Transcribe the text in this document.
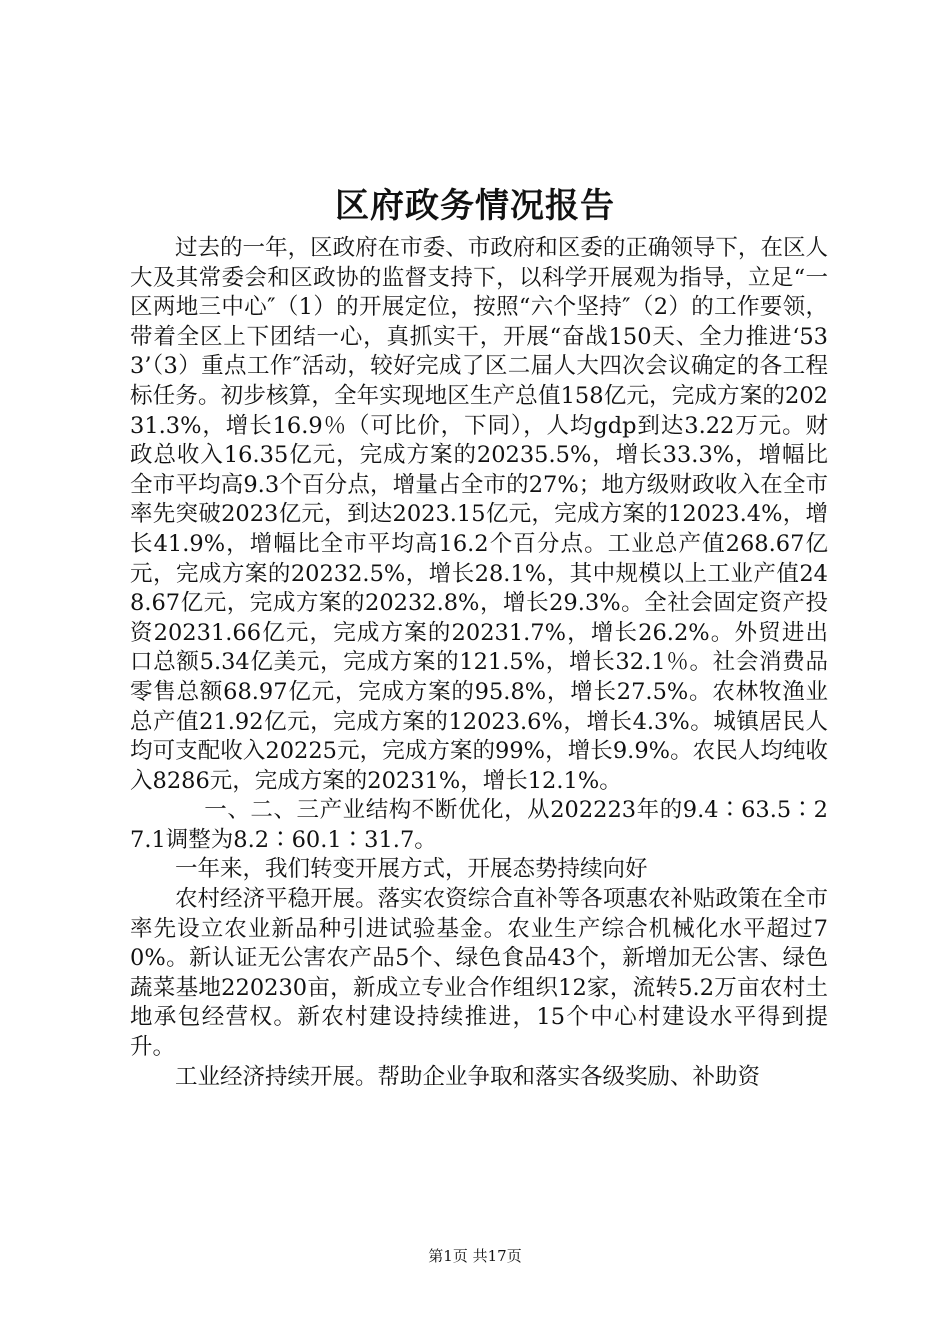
区府政务情况报告

过去的一年，区政府在市委、市政府和区委的正确领导下，在区人大及其常委会和区政协的监督支持下，以科学开展观为指导，立足“一区两地三中心″（1）的开展定位，按照“六个坚持″（2）的工作要领，带着全区上下团结一心，真抓实干，开展“奋战150天、全力推进‘533’（3）重点工作″活动，较好完成了区二届人大四次会议确定的各工程标任务。初步核算，全年实现地区生产总值158亿元，完成方案的20231.3%，增长16.9％（可比价，下同），人均gdp到达3.22万元。财政总收入16.35亿元，完成方案的20235.5%，增长33.3%，增幅比全市平均高9.3个百分点，增量占全市的27%；地方级财政收入在全市率先突破2023亿元，到达2023.15亿元，完成方案的12023.4%，增长41.9%，增幅比全市平均高16.2个百分点。工业总产值268.67亿元，完成方案的20232.5%，增长28.1%，其中规模以上工业产值248.67亿元，完成方案的20232.8%，增长29.3%。全社会固定资产投资20231.66亿元，完成方案的20231.7%，增长26.2%。外贸进出口总额5.34亿美元，完成方案的121.5%，增长32.1％。社会消费品零售总额68.97亿元，完成方案的95.8%，增长27.5%。农林牧渔业总产值21.92亿元，完成方案的12023.6%，增长4.3%。城镇居民人均可支配收入20225元，完成方案的99%，增长9.9%。农民人均纯收入8286元，完成方案的20231%，增长12.1%。

一、二、三产业结构不断优化，从202223年的9.4∶63.5∶27.1调整为8.2∶60.1∶31.7。

一年来，我们转变开展方式，开展态势持续向好

农村经济平稳开展。落实农资综合直补等各项惠农补贴政策在全市率先设立农业新品种引进试验基金。农业生产综合机械化水平超过70%。新认证无公害农产品5个、绿色食品43个，新增加无公害、绿色蔬菜基地220230亩，新成立专业合作组织12家，流转5.2万亩农村土地承包经营权。新农村建设持续推进，15个中心村建设水平得到提升。

工业经济持续开展。帮助企业争取和落实各级奖励、补助资

第1页 共17页
